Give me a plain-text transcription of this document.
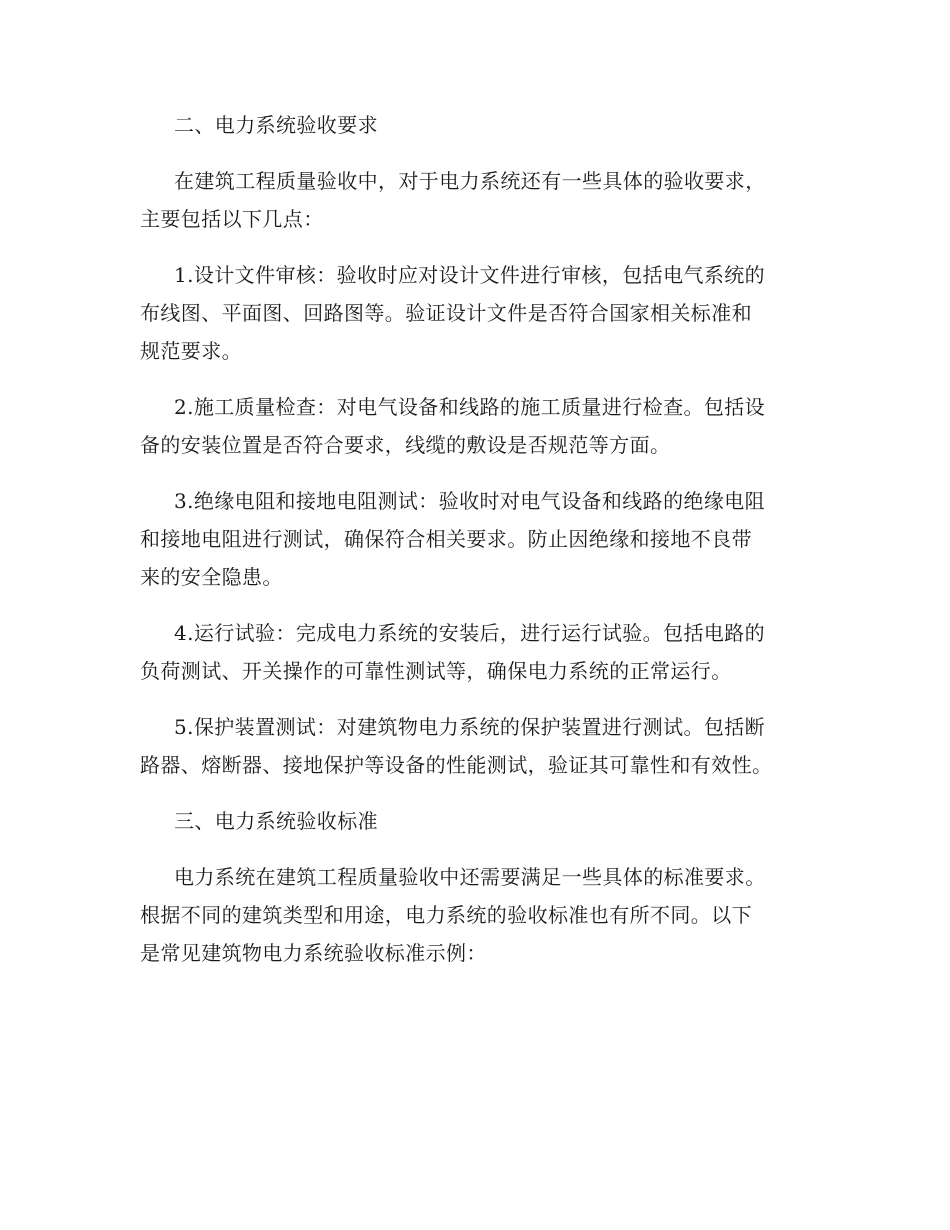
二、电力系统验收要求
在建筑工程质量验收中，对于电力系统还有一些具体的验收要求，
主要包括以下几点：
1.设计文件审核：验收时应对设计文件进行审核，包括电气系统的
布线图、平面图、回路图等。验证设计文件是否符合国家相关标准和
规范要求。
2.施工质量检查：对电气设备和线路的施工质量进行检查。包括设
备的安装位置是否符合要求，线缆的敷设是否规范等方面。
3.绝缘电阻和接地电阻测试：验收时对电气设备和线路的绝缘电阻
和接地电阻进行测试，确保符合相关要求。防止因绝缘和接地不良带
来的安全隐患。
4.运行试验：完成电力系统的安装后，进行运行试验。包括电路的
负荷测试、开关操作的可靠性测试等，确保电力系统的正常运行。
5.保护装置测试：对建筑物电力系统的保护装置进行测试。包括断
路器、熔断器、接地保护等设备的性能测试，验证其可靠性和有效性。
三、电力系统验收标准
电力系统在建筑工程质量验收中还需要满足一些具体的标准要求。
根据不同的建筑类型和用途，电力系统的验收标准也有所不同。以下
是常见建筑物电力系统验收标准示例：
